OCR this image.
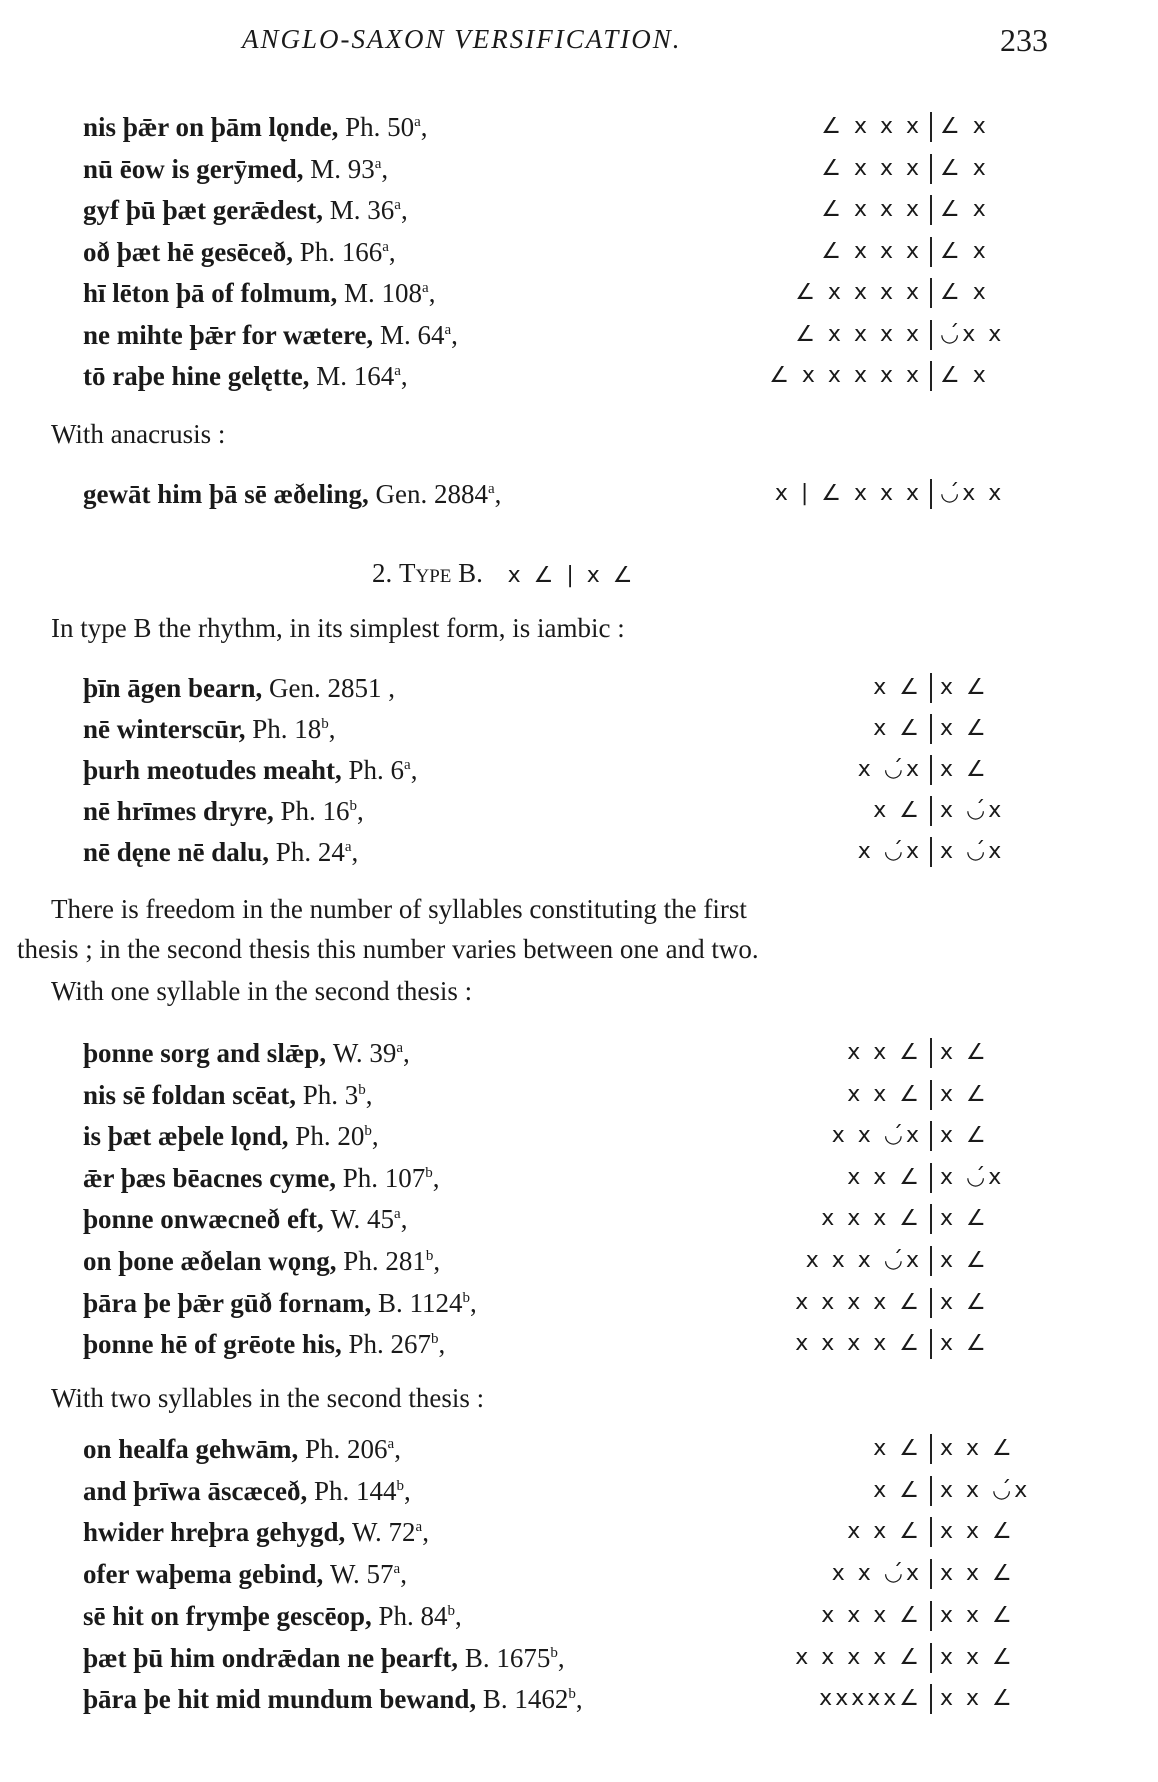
ANGLO-SAXON VERSIFICATION.	233
nis þǣr on þām lǫnde, Ph. 50$^a$,	∠ x x x ∠ x
nū ēow is gerȳmed, M. 93$^a$,	∠ x x x ∠ x
gyf þū þæt gerǣdest, M. 36$^a$,	∠ x x x ∠ x
oð þæt hē gesēceð, Ph. 166$^a$,	∠ x x x ∠ x
hī lēton þā of folmum, M. 108$^a$,	∠ x x x x ∠ x
ne mihte þǣr for wætere, M. 64$^a$,	∠ x x x x ◡́x x
tō raþe hine gelętte, M. 164$^a$,	∠ x x x x x ∠ x
With anacrusis :
gewāt him þā sē æðeling, Gen. 2884$^a$,	x | ∠ x x x ◡́x x
2. Type B. x ∠ | x ∠
In type B the rhythm, in its simplest form, is iambic :
þīn āgen bearn, Gen. 2851 ,	x ∠ x ∠
nē winterscūr, Ph. 18$^b$,	x ∠ x ∠
þurh meotudes meaht, Ph. 6$^a$,	x ◡́x x ∠
nē hrīmes dryre, Ph. 16$^b$,	x ∠ x ◡́x
nē dęne nē dalu, Ph. 24$^a$,	x ◡́x x ◡́x
There is freedom in the number of syllables constituting the first
thesis ; in the second thesis this number varies between one and two.
With one syllable in the second thesis :
þonne sorg and slǣp, W. 39$^a$,	x x ∠ x ∠
nis sē foldan scēat, Ph. 3$^b$,	x x ∠ x ∠
is þæt æþele lǫnd, Ph. 20$^b$,	x x ◡́x x ∠
ǣr þæs bēacnes cyme, Ph. 107$^b$,	x x ∠ x ◡́x
þonne onwæcneð eft, W. 45$^a$,	x x x ∠ x ∠
on þone æðelan wǫng, Ph. 281$^b$,	x x x ◡́x x ∠
þāra þe þǣr gūð fornam, B. 1124$^b$,	x x x x ∠ x ∠
þonne hē of grēote his, Ph. 267$^b$,	x x x x ∠ x ∠
With two syllables in the second thesis :
on healfa gehwām, Ph. 206$^a$,	x ∠ x x ∠
and þrīwa āscæceð, Ph. 144$^b$,	x ∠ x x ◡́x
hwider hreþra gehygd, W. 72$^a$,	x x ∠ x x ∠
ofer waþema gebind, W. 57$^a$,	x x ◡́x x x ∠
sē hit on frymþe gescēop, Ph. 84$^b$,	x x x ∠ x x ∠
þæt þū him ondrǣdan ne þearft, B. 1675$^b$,	x x x x ∠ x x ∠
þāra þe hit mid mundum bewand, B. 1462$^b$,	xxxxx∠ x x ∠
